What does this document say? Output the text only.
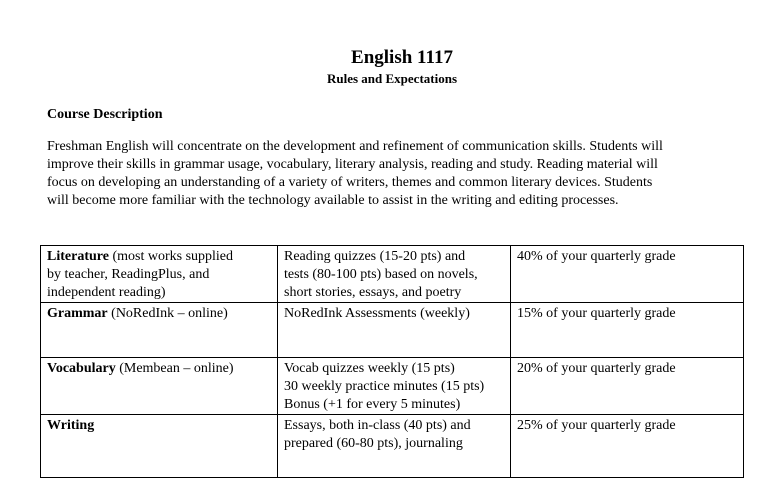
English 1117
Rules and Expectations
Course Description
Freshman English will concentrate on the development and refinement of communication skills. Students will
improve their skills in grammar usage, vocabulary, literary analysis, reading and study. Reading material will
focus on developing an understanding of a variety of writers, themes and common literary devices. Students
will become more familiar with the technology available to assist in the writing and editing processes.
Literature (most works supplied
by teacher, ReadingPlus, and
independent reading)	Reading quizzes (15-20 pts) and
tests (80-100 pts) based on novels,
short stories, essays, and poetry	40% of your quarterly grade

Grammar (NoRedInk – online)	NoRedInk Assessments (weekly)	15% of your quarterly grade

Vocabulary (Membean – online)	Vocab quizzes weekly (15 pts)
30 weekly practice minutes (15 pts)
Bonus (+1 for every 5 minutes)	20% of your quarterly grade

Writing	Essays, both in-class (40 pts) and
prepared (60-80 pts), journaling	25% of your quarterly grade
